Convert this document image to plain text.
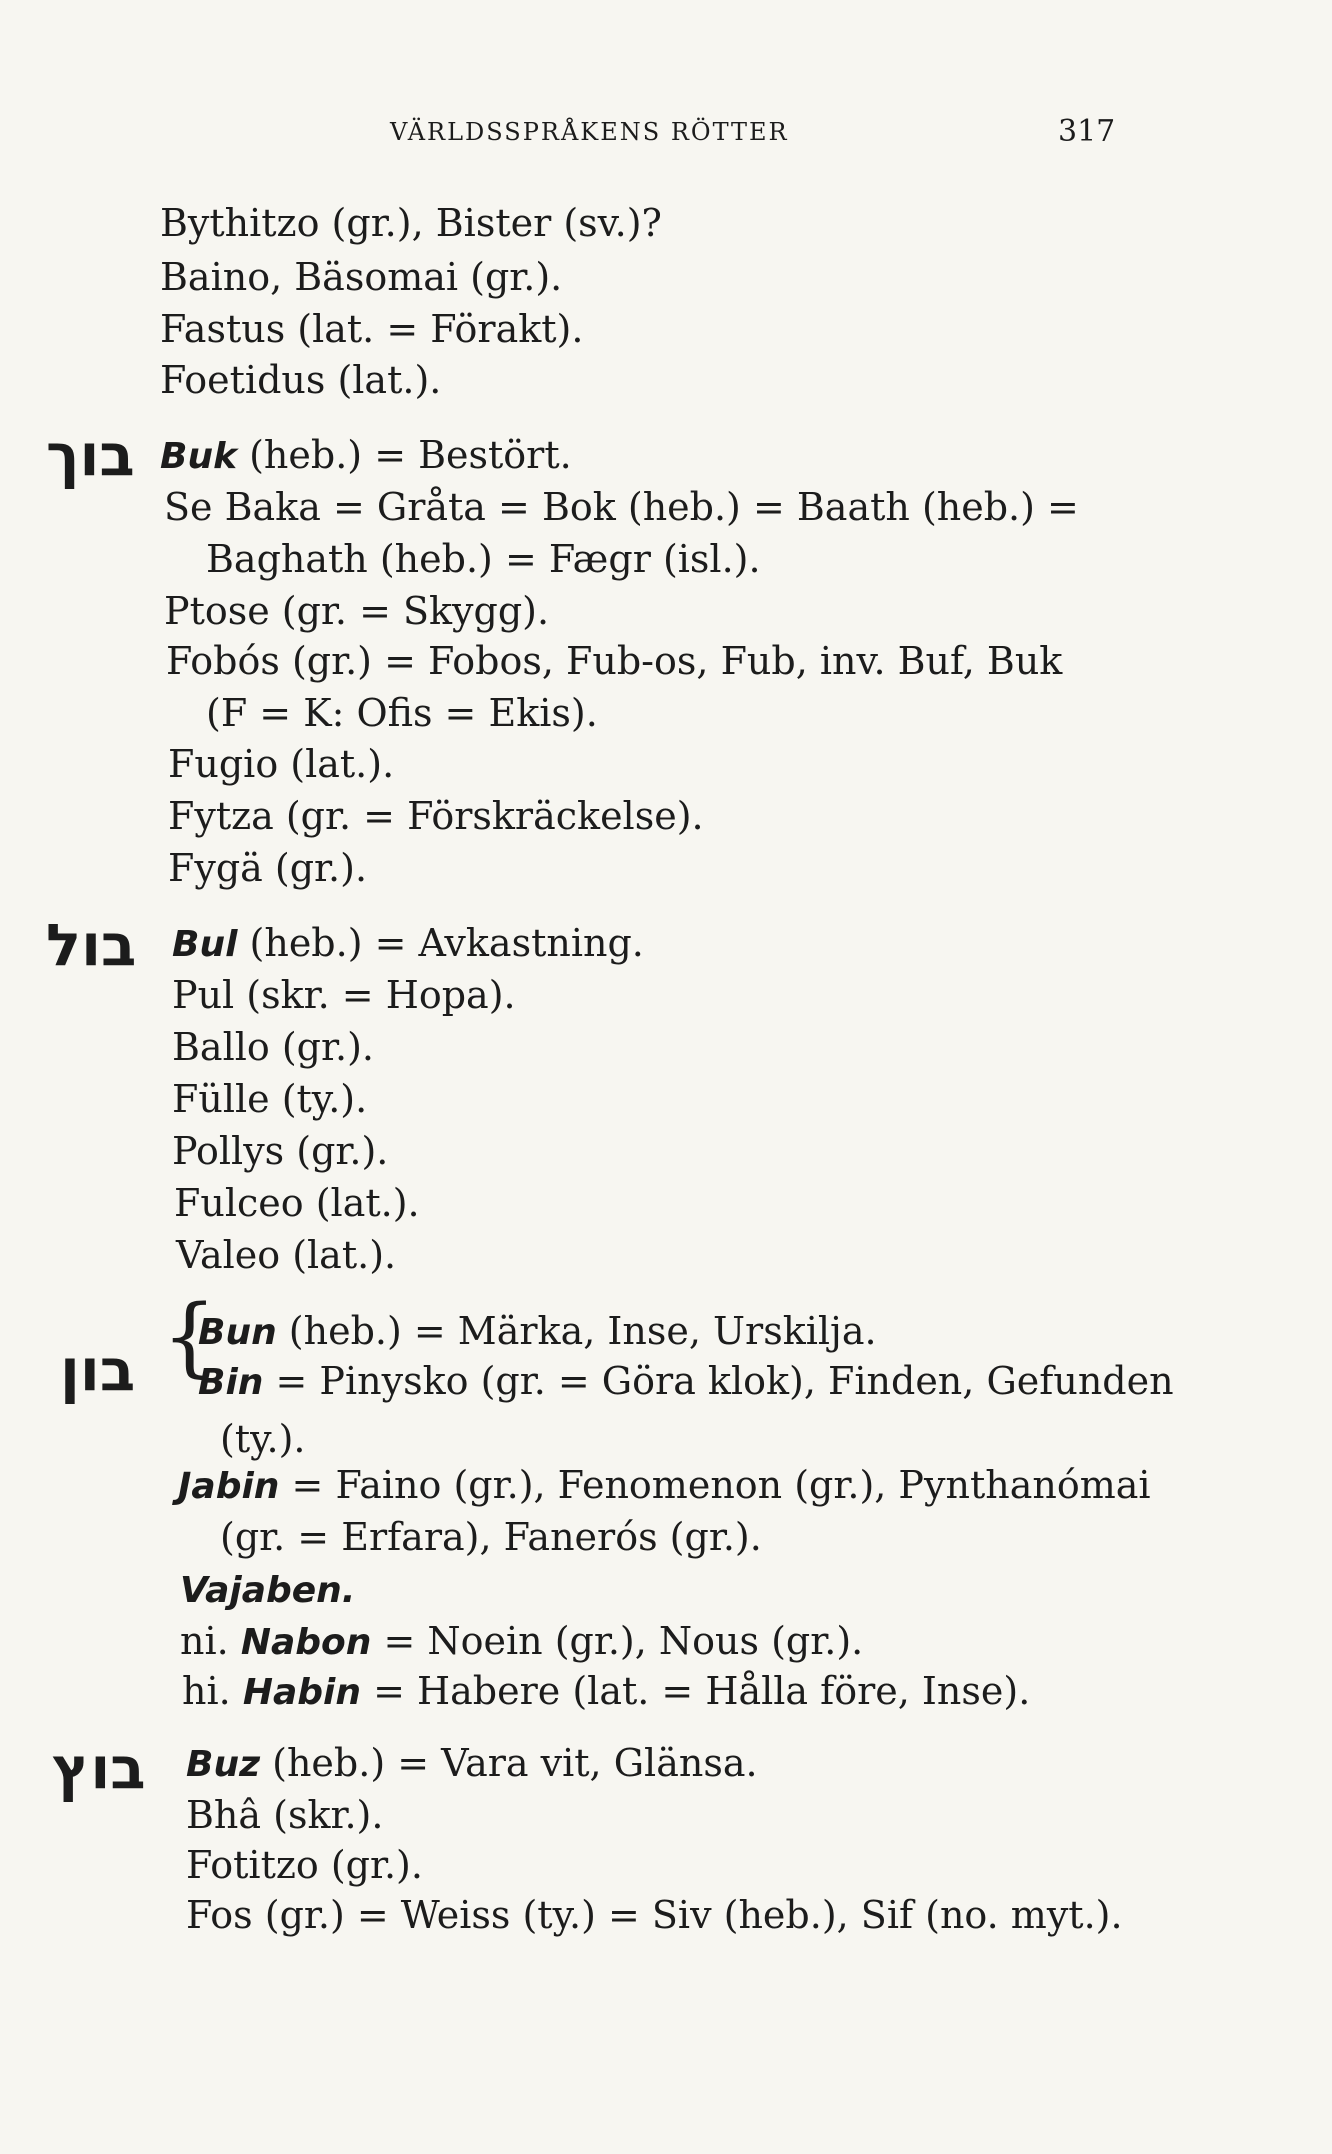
VÄRLDSSPRÅKENS RÖTTER	317
Bythitzo (gr.), Bister (sv.)?
Baino, Bäsomai (gr.).
Fastus (lat. = Förakt).
Foetidus (lat.).
בוך Buk (heb.) = Bestört.
Se Baka = Gråta = Bok (heb.) = Baath (heb.) =
Baghath (heb.) = Fægr (isl.).
Ptose (gr. = Skygg).
Fobós (gr.) = Fobos, Fub-os, Fub, inv. Buf, Buk
(F = K: Ofis = Ekis).
Fugio (lat.).
Fytza (gr. = Förskräckelse).
Fygä (gr.).
בול Bul (heb.) = Avkastning.
Pul (skr. = Hopa).
Ballo (gr.).
Fülle (ty.).
Pollys (gr.).
Fulceo (lat.).
Valeo (lat.).
בון {
Bun (heb.) = Märka, Inse, Urskilja.
Bin = Pinysko (gr. = Göra klok), Finden, Gefunden
(ty.).
Jabin = Faino (gr.), Fenomenon (gr.), Pynthanómai
(gr. = Erfara), Fanerós (gr.).
Vajaben.
ni. Nabon = Noein (gr.), Nous (gr.).
hi. Habin = Habere (lat. = Hålla före, Inse).
בוץ Buz (heb.) = Vara vit, Glänsa.
Bhâ (skr.).
Fotitzo (gr.).
Fos (gr.) = Weiss (ty.) = Siv (heb.), Sif (no. myt.).
